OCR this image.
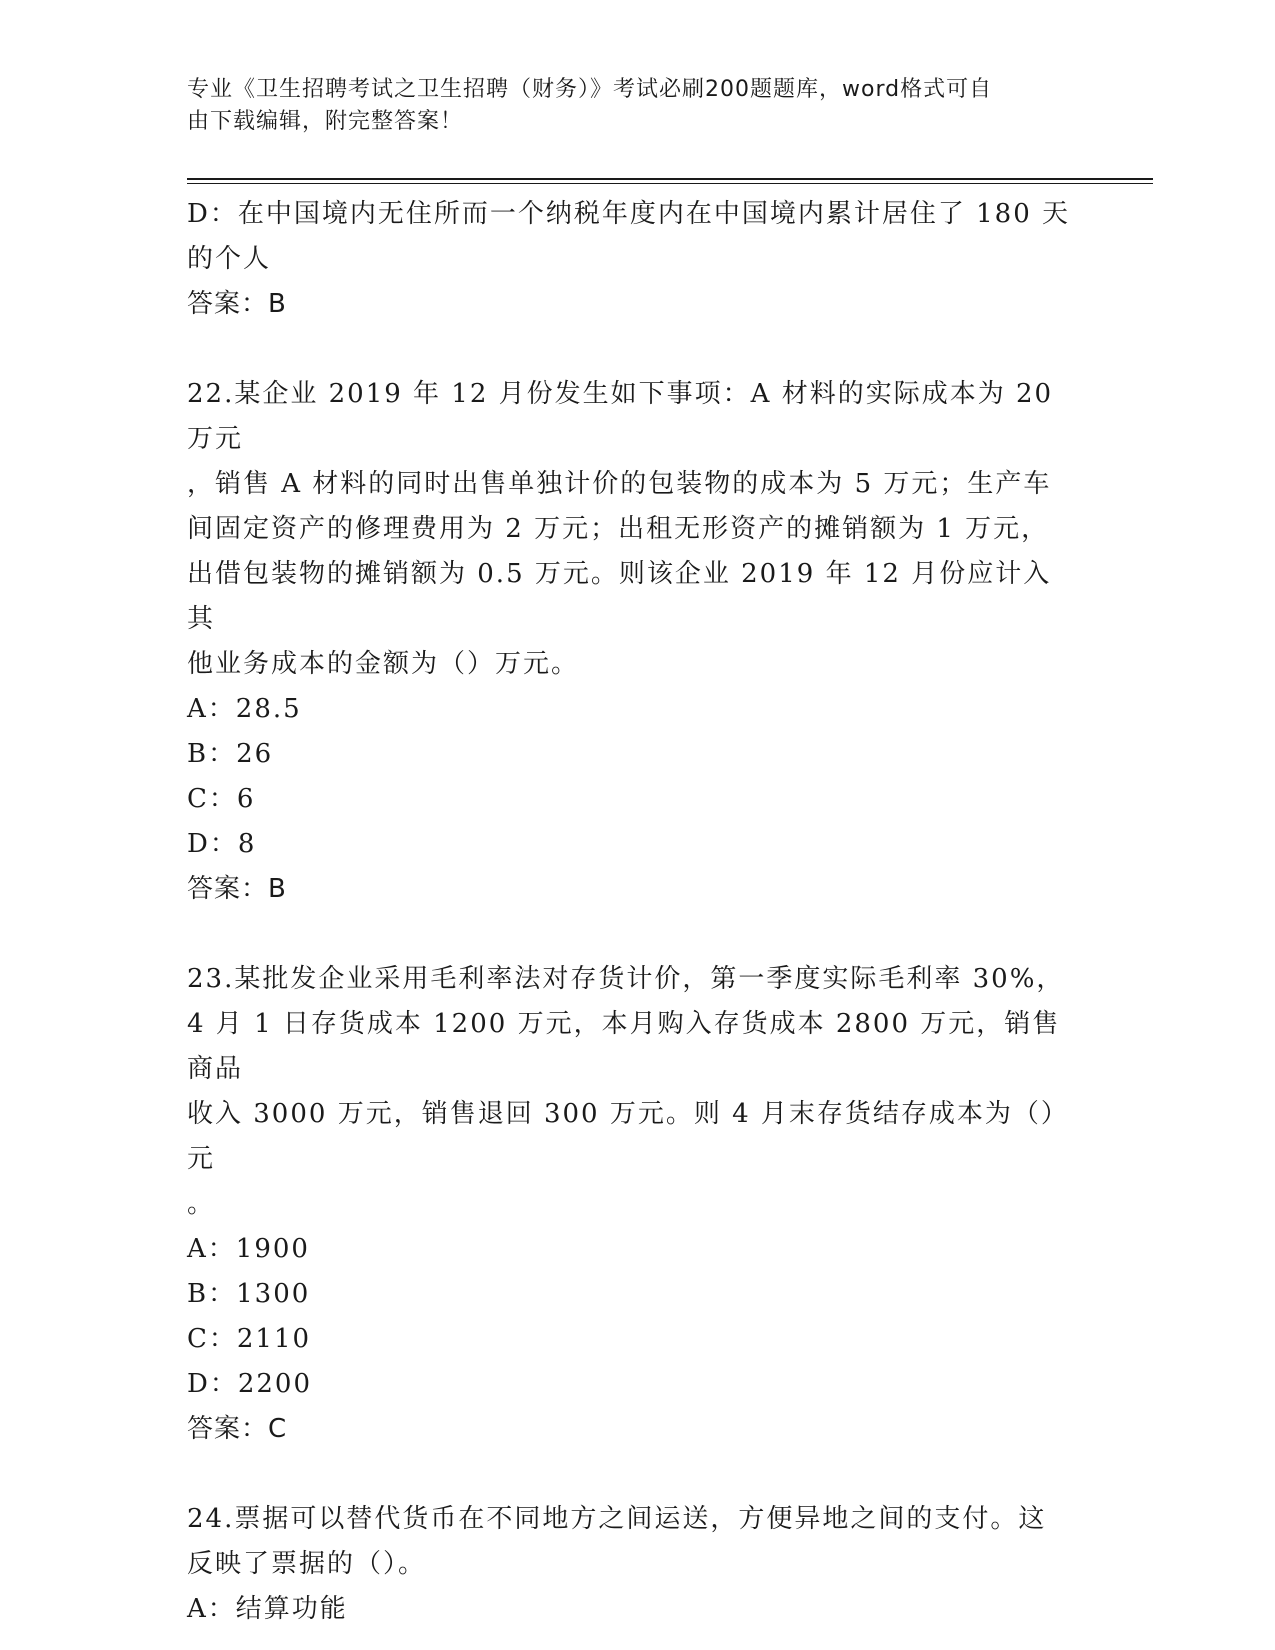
专业《卫生招聘考试之卫生招聘（财务）》考试必刷200题题库，word格式可自
由下载编辑，附完整答案！

D：在中国境内无住所而一个纳税年度内在中国境内累计居住了 180 天

的个人

答案：B

22.某企业 2019 年 12 月份发生如下事项：A 材料的实际成本为 20 万元

，销售 A 材料的同时出售单独计价的包装物的成本为 5 万元；生产车

间固定资产的修理费用为 2 万元；出租无形资产的摊销额为 1 万元，

出借包装物的摊销额为 0.5 万元。则该企业 2019 年 12 月份应计入其

他业务成本的金额为（）万元。

A：28.5

B：26

C：6

D：8

答案：B

23.某批发企业采用毛利率法对存货计价，第一季度实际毛利率 30%，

4 月 1 日存货成本 1200 万元，本月购入存货成本 2800 万元，销售商品

收入 3000 万元，销售退回 300 万元。则 4 月末存货结存成本为（）元

。

A：1900

B：1300

C：2110

D：2200

答案：C

24.票据可以替代货币在不同地方之间运送，方便异地之间的支付。这

反映了票据的（）。

A：结算功能
